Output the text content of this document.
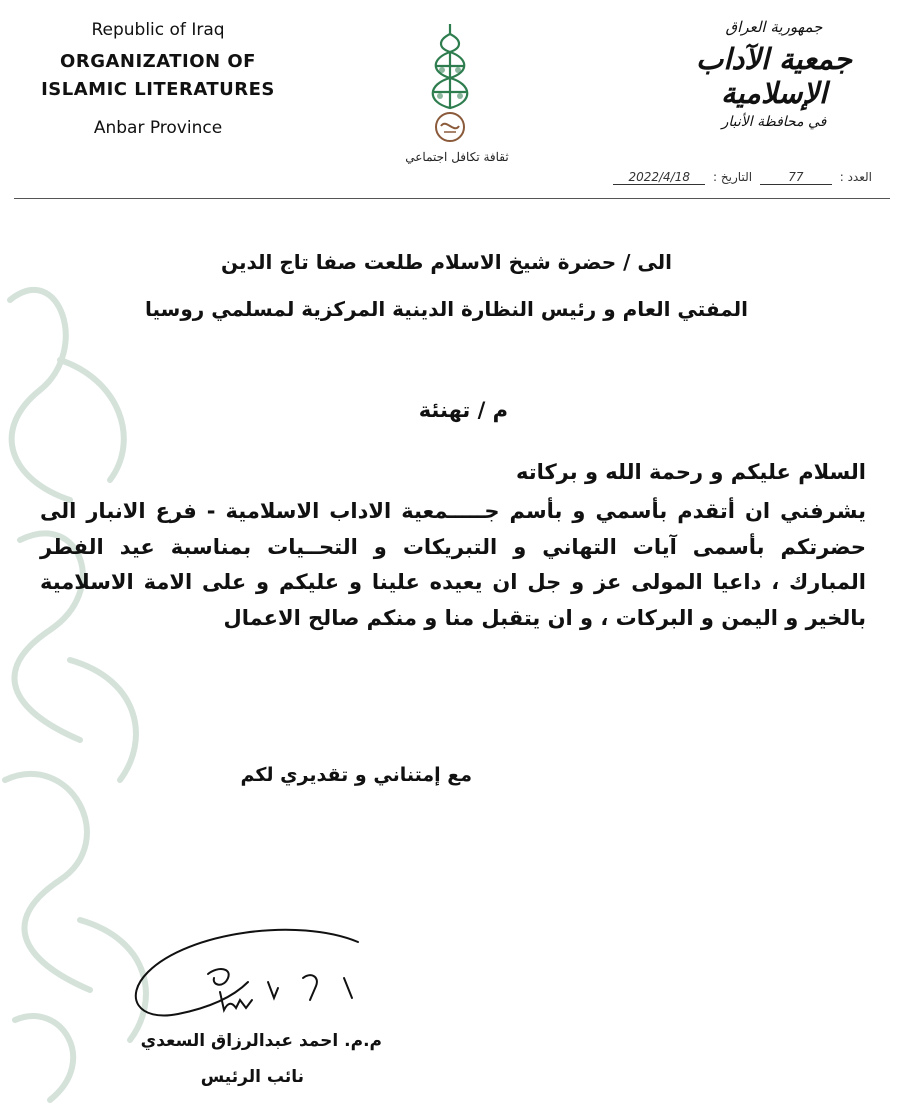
Republic of Iraq
ORGANIZATION OF
ISLAMIC LITERATURES
Anbar Province
ثقافة تكافل اجتماعي
جمهورية العراق
جمعية الآداب الإسلامية
في محافظة الأنبار
العدد : 77 التاريخ : 2022/4/18
الى / حضرة شيخ الاسلام طلعت صفا تاج الدين
المفتي العام و رئيس النظارة الدينية المركزية لمسلمي روسيا
م / تهنئة
السلام عليكم و رحمة الله و بركاته
يشرفني ان أتقدم بأسمي و بأسم جـــــمعية الاداب الاسلامية - فرع الانبار الى
حضرتكم بأسمى آيات التهاني و التبريكات و التحــيات بمناسبة عيد الفطر
المبارك ، داعيا المولى عز و جل ان يعيده علينا و عليكم و على الامة الاسلامية
بالخير و اليمن و البركات ، و ان يتقبل منا و منكم صالح الاعمال
مع إمتناني و تقديري لكم
م.م. احمد عبدالرزاق السعدي
نائب الرئيس
